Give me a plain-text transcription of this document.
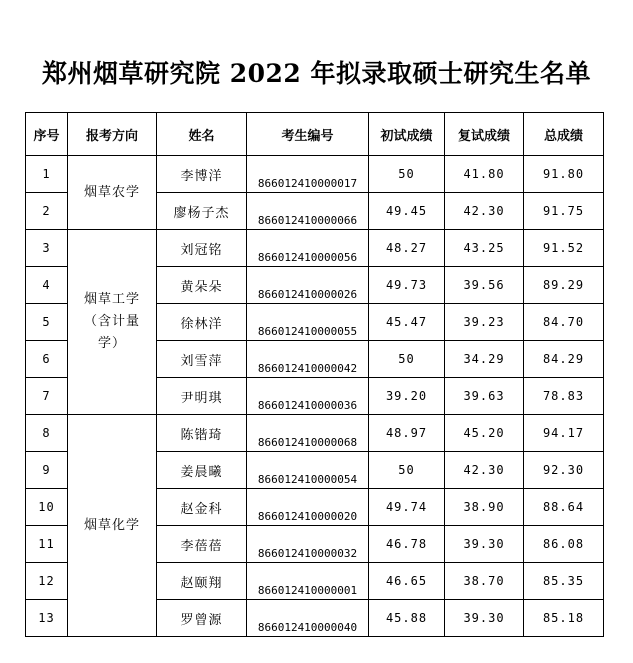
郑州烟草研究院 2022 年拟录取硕士研究生名单
序号	报考方向	姓名	考生编号	初试成绩	复试成绩	总成绩
1	烟草农学	李博洋	866012410000017	50	41.80	91.80
2		廖杨子杰	866012410000066	49.45	42.30	91.75
3	烟草工学（含计量学）	刘冠铭	866012410000056	48.27	43.25	91.52
4		黄朵朵	866012410000026	49.73	39.56	89.29
5		徐林洋	866012410000055	45.47	39.23	84.70
6		刘雪萍	866012410000042	50	34.29	84.29
7		尹明琪	866012410000036	39.20	39.63	78.83
8	烟草化学	陈锴琦	866012410000068	48.97	45.20	94.17
9		姜晨曦	866012410000054	50	42.30	92.30
10		赵金科	866012410000020	49.74	38.90	88.64
11		李蓓蓓	866012410000032	46.78	39.30	86.08
12		赵颐翔	866012410000001	46.65	38.70	85.35
13		罗曾源	866012410000040	45.88	39.30	85.18
